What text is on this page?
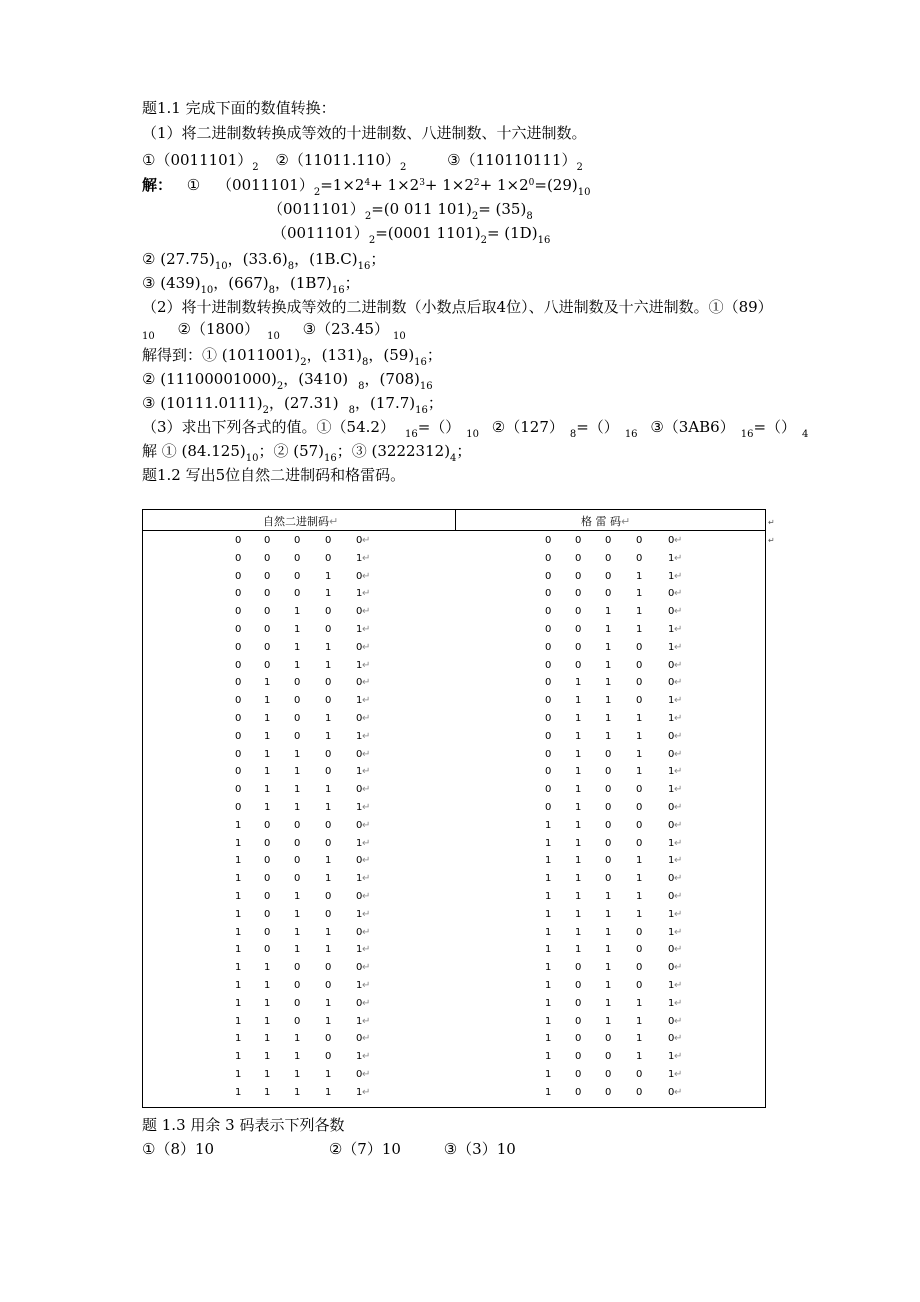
题1.1 完成下面的数值转换：
（1）将二进制数转换成等效的十进制数、八进制数、十六进制数。
$①(0011101)_2$ $②(11011.110)_2$	$③(110110111)_2$
解： ① $(0011101)_2=1\times 2^4+ 1\times 2^3+ 1\times 2^2+ 1\times 2^0=(29)_{10}$
$(0011101)_2=(0$ 011 $101)_2= (35)_8$
$(0011101)_2=(0001$ $1101)_2= (1D)_{16}$
② $(27.75)_{10}$，$(33.6)_8$，$(1B.C)_{16}$；
③ $(439)_{10}$，$(667)_8$，$(1B7)_{16}$；
（2）将十进制数转换成等效的二进制数（小数点后取4位）、八进制数及十六进制数。①（89）
$_{10}$ ②（1800） $_{10}$ ③（23.45） $_{10}$
解得到：① $(1011001)_2$，$(131)_8$，$(59)_{16}$；
② $(11100001000)_2$，(3410) $_8$，$(708)_{16}$
③ $(10111.0111)_2$，(27.31) $_8$，$(17.7)_{16}$；
（3）求出下列各式的值。①（54.2） $_{16}$=（） $_{10}$ ②（127） $_8$=（） $_{16}$ ③（3AB6） $_{16}$=（） $_4$
解 ① $(84.125)_{10}$；② $(57)_{16}$；③ $(3222312)_4$；
题1.2 写出5位自然二进制码和格雷码。
自然二进制码↵	格 雷 码↵
0 0 0 0 0 ↵	0 0 0 0	0 ↵
0 0 0 0 1 ↵	0 0 0 0	1 ↵
0 0 0 1 0 ↵	0 0 0 1	1 ↵
0 0 0 1 1 ↵	0 0 0 1	0 ↵
0 0 1 0 0 ↵	0 0 1 1	0 ↵
0 0 1 0 1 ↵	0 0 1 1	1 ↵
0 0 1 1 0 ↵	0 0 1 0	1 ↵
0 0 1 1 1 ↵	0 0 1 0	0 ↵
0 1 0 0 0 ↵	0 1 1 0	0 ↵
0 1 0 0 1 ↵	0 1 1 0	1 ↵
0 1 0 1 0 ↵	0 1 1 1	1 ↵
0 1 0 1 1 ↵	0 1 1 1	0 ↵
0 1 1 0 0 ↵	0 1 0 1	0 ↵
0 1 1 0 1 ↵	0 1 0 1	1 ↵
0 1 1 1 0 ↵	0 1 0 0	1 ↵
0 1 1 1 1 ↵	0 1 0 0	0 ↵
1 0 0 0 0 ↵	1 1 0 0	0 ↵
1 0 0 0 1 ↵	1 1 0 0	1 ↵
1 0 0 1 0 ↵	1 1 0 1	1 ↵
1 0 0 1 1 ↵	1 1 0 1	0 ↵
1 0 1 0 0 ↵	1 1 1 1	0 ↵
1 0 1 0 1 ↵	1 1 1 1	1 ↵
1 0 1 1 0 ↵	1 1 1 0	1 ↵
1 0 1 1 1 ↵	1 1 1 0	0 ↵
1 1 0 0 0 ↵	1 0 1 0	0 ↵
1 1 0 0 1 ↵	1 0 1 0	1 ↵
1 1 0 1 0 ↵	1 0 1 1	1 ↵
1 1 0 1 1 ↵	1 0 1 1	0 ↵
1 1 1 0 0 ↵	1 0 0 1	0 ↵
1 1 1 0 1 ↵	1 0 0 1	1 ↵
1 1 1 1 0 ↵	1 0 0 0	1 ↵
1 1 1 1 1 ↵	1 0 0 0	0 ↵
↵
↵
题 1.3 用余 3 码表示下列各数
①（8）10	②（7）10	③（3）10
